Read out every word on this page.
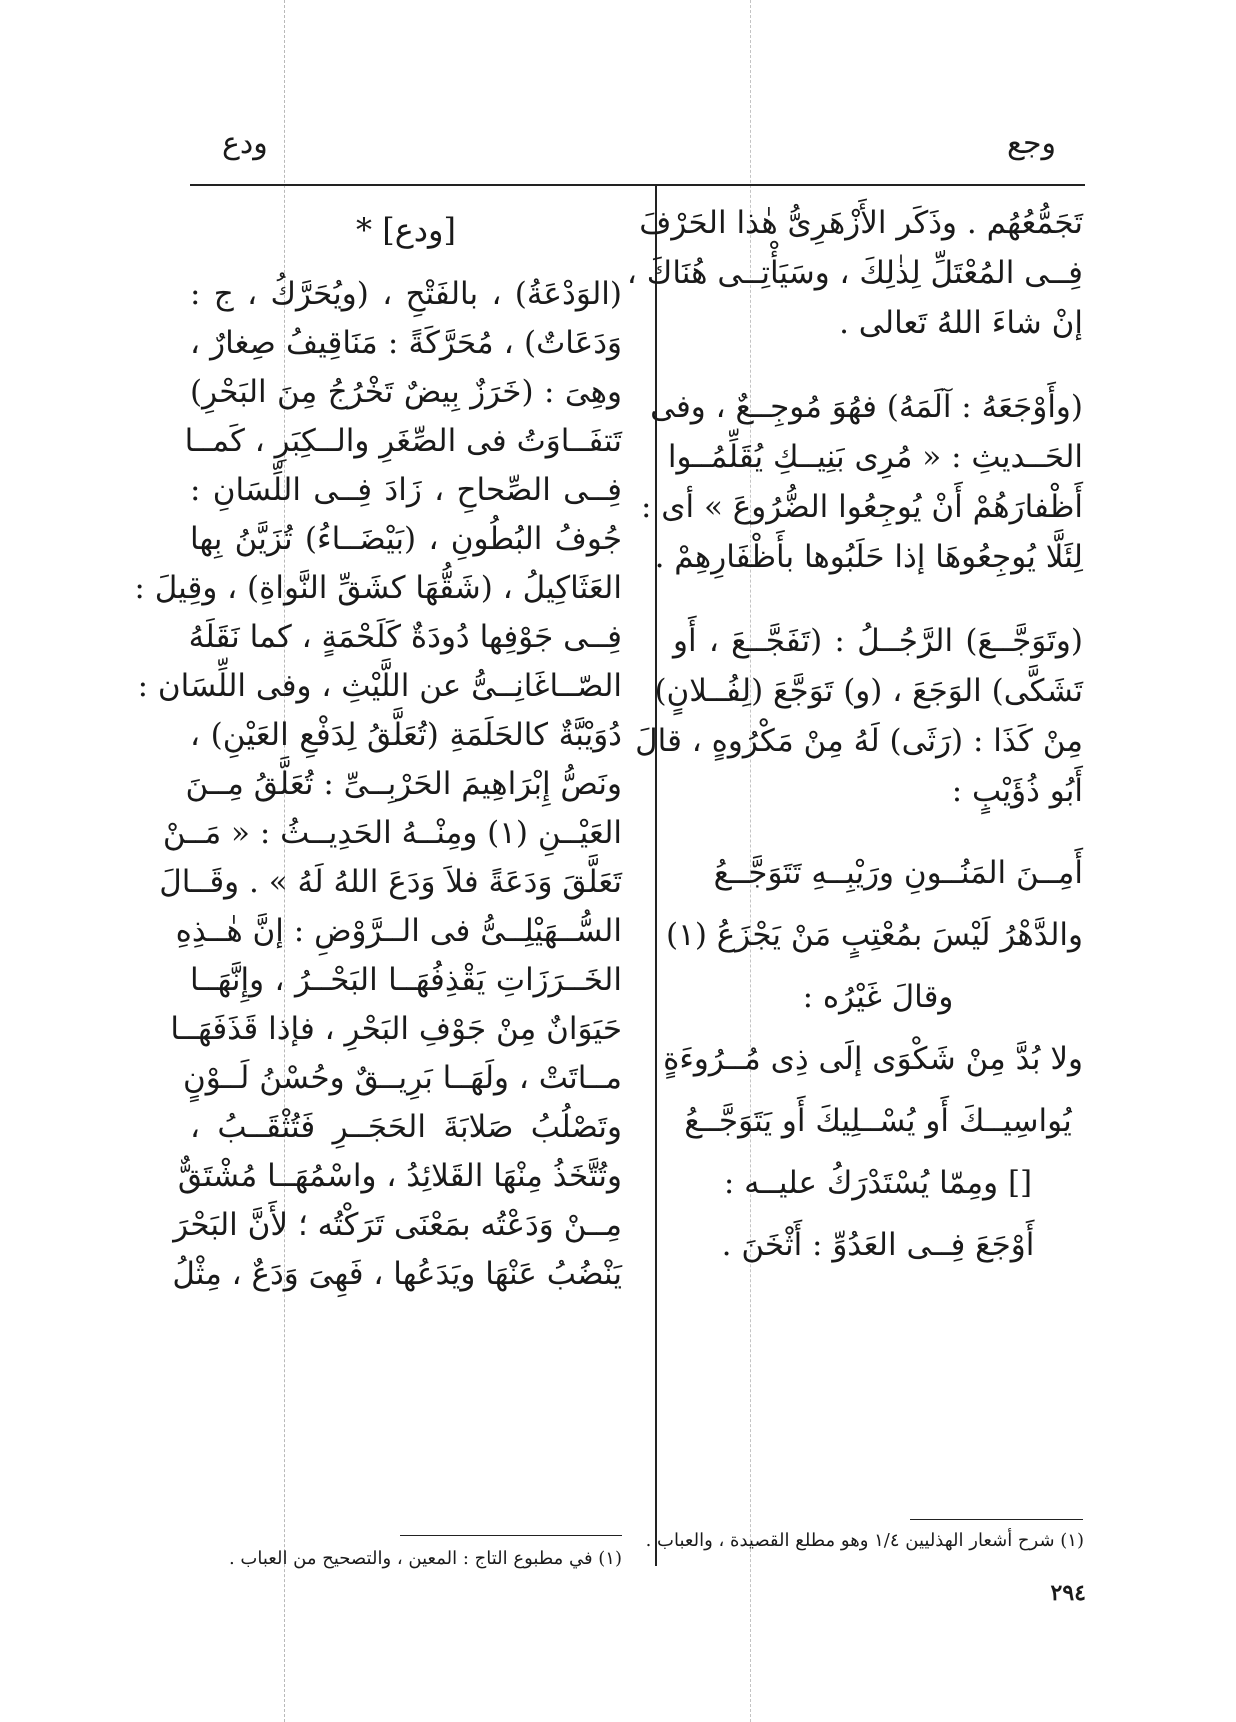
وجع
ودع
تَجَمُّعُهُم . وذَكَر الأَزْهَرِىُّ هٰذا الحَرْفَ
فِــى المُعْتَلِّ لِذٰلِكَ ، وسَيَأْتِــى هُنَاكَ ،
إنْ شاءَ اللهُ تَعالى .
(وأَوْجَعَهُ : آلَمَهُ) فهُوَ مُوجِــعٌ ، وفى
الحَــديثِ : « مُرِى بَنِيــكِ يُقَلِّمُــوا
أَظْفارَهُمْ أَنْ يُوجِعُوا الضُّرُوعَ » أى :
لِئَلَّا يُوجِعُوهَا إذا حَلَبُوها بأَظْفَارِهِمْ .
(وتَوَجَّــعَ) الرَّجُــلُ : (تَفَجَّــعَ ، أَو
تَشَكَّى) الوَجَعَ ، (و) تَوَجَّعَ (لِفُــلانٍ)
مِنْ كَذَا : (رَثَى) لَهُ مِنْ مَكْرُوهٍ ، قالَ
أَبُو ذُؤَيْبٍ :
أَمِــنَ المَنُــونِ ورَيْبِــهِ تَتَوَجَّــعُ
والدَّهْرُ لَيْسَ بمُعْتِبٍ مَنْ يَجْزَعُ (١)
وقالَ غَيْرُه :
ولا بُدَّ مِنْ شَكْوَى إلَى ذِى مُــرُوءَةٍ
يُواسِيــكَ أَو يُسْــلِيكَ أَو يَتَوَجَّــعُ
[] ومِمّا يُسْتَدْرَكُ عليــه :
أَوْجَعَ فِــى العَدُوِّ : أَثْخَنَ .
[ودع] *
(الوَدْعَةُ) ، بالفَتْحِ ، (ويُحَرَّكُ ، ج :
وَدَعَاتٌ) ، مُحَرَّكَةً : مَنَاقِيفُ صِغارٌ ،
وهِىَ : (خَرَزٌ بِيضٌ تَخْرُجُ مِنَ البَحْرِ)
تَتفَــاوَتُ فى الصِّغَرِ والــكِبَرِ ، كَمــا
فِــى الصِّحاحِ ، زَادَ فِــى اللِّسَانِ :
جُوفُ البُطُونِ ، (بَيْضَــاءُ) تُزَيَّنُ بِها
العَثَاكِيلُ ، (شَقُّهَا كشَقِّ النَّواةِ) ، وقِيلَ :
فِــى جَوْفِها دُودَةٌ كَلَحْمَةٍ ، كما نَقَلَهُ
الصّــاغَانِــىُّ عن اللَّيْثِ ، وفى اللِّسَان :
دُوَيْبَّةٌ كالحَلَمَةِ (تُعَلَّقُ لِدَفْعِ العَيْنِ) ،
ونَصُّ إِبْرَاهِيمَ الحَرْبِــىِّ : تُعَلَّقُ مِــنَ
العَيْــنِ (١) ومِنْــهُ الحَدِيــثُ : « مَــنْ
تَعَلَّقَ وَدَعَةً فلاَ وَدَعَ اللهُ لَهُ » . وقَــالَ
السُّــهَيْلِــىُّ فى الــرَّوْضِ : إنَّ هٰــذِهِ
الخَــرَزَاتِ يَقْذِفُهَــا البَحْــرُ ، وإِنَّهَــا
حَيَوَانٌ مِنْ جَوْفِ البَحْرِ ، فإذا قَذَفَهَــا
مــاتَتْ ، ولَهَــا بَرِيــقٌ وحُسْنُ لَــوْنٍ
وتَصْلُبُ صَلابَةَ الحَجَــرِ فَتُثْقَــبُ ،
وتُتَّخَذُ مِنْهَا القَلائِدُ ، واسْمُهَــا مُشْتَقٌّ
مِــنْ وَدَعْتُه بمَعْنَى تَرَكْتُه ؛ لأَنَّ البَحْرَ
يَنْضُبُ عَنْهَا ويَدَعُها ، فَهِىَ وَدَعٌ ، مِثْلُ
(١) شرح أشعار الهذليين ١/٤ وهو مطلع القصيدة ، والعباب .
(١) في مطبوع التاج : المعين ، والتصحيح من العباب .
٢٩٤
